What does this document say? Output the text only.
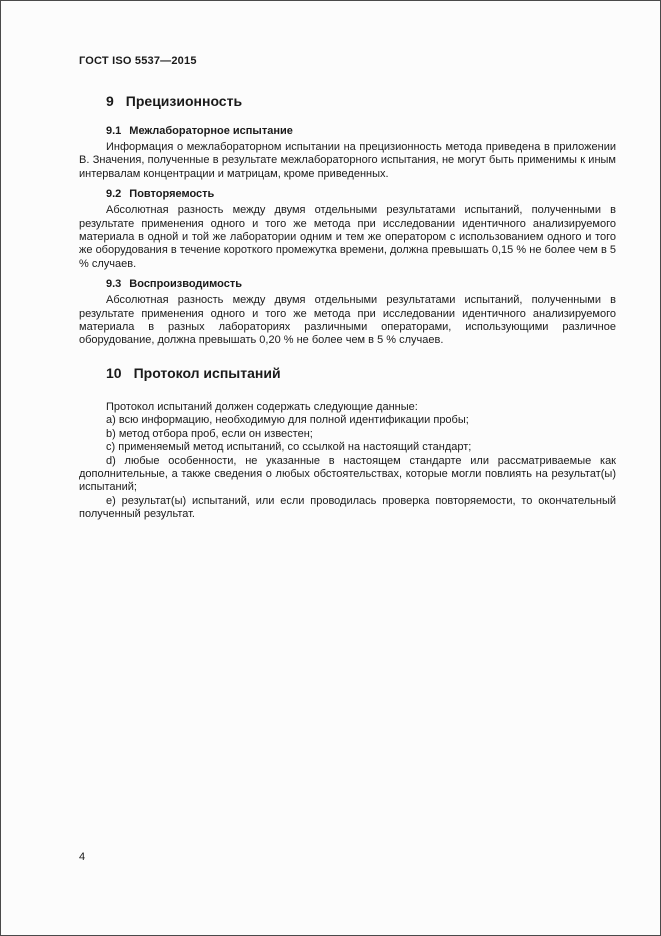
ГОСТ ISO 5537—2015
9 Прецизионность
9.1 Межлабораторное испытание

Информация о межлабораторном испытании на прецизионность метода приведена в приложении В. Значения, полученные в результате межлабораторного испытания, не могут быть применимы к иным интервалам концентрации и матрицам, кроме приведенных.

9.2 Повторяемость

Абсолютная разность между двумя отдельными результатами испытаний, полученными в результате применения одного и того же метода при исследовании идентичного анализируемого материала в одной и той же лаборатории одним и тем же оператором с использованием одного и того же оборудования в течение короткого промежутка времени, должна превышать 0,15 % не более чем в 5 % случаев.

9.3 Воспроизводимость

Абсолютная разность между двумя отдельными результатами испытаний, полученными в результате применения одного и того же метода при исследовании идентичного анализируемого материала в разных лабораториях различными операторами, использующими различное оборудование, должна превышать 0,20 % не более чем в 5 % случаев.

10 Протокол испытаний

Протокол испытаний должен содержать следующие данные:

a) всю информацию, необходимую для полной идентификации пробы;

b) метод отбора проб, если он известен;

c) применяемый метод испытаний, со ссылкой на настоящий стандарт;

d) любые особенности, не указанные в настоящем стандарте или рассматриваемые как дополнительные, а также сведения о любых обстоятельствах, которые могли повлиять на результат(ы) испытаний;

e) результат(ы) испытаний, или если проводилась проверка повторяемости, то окончательный полученный результат.

4
